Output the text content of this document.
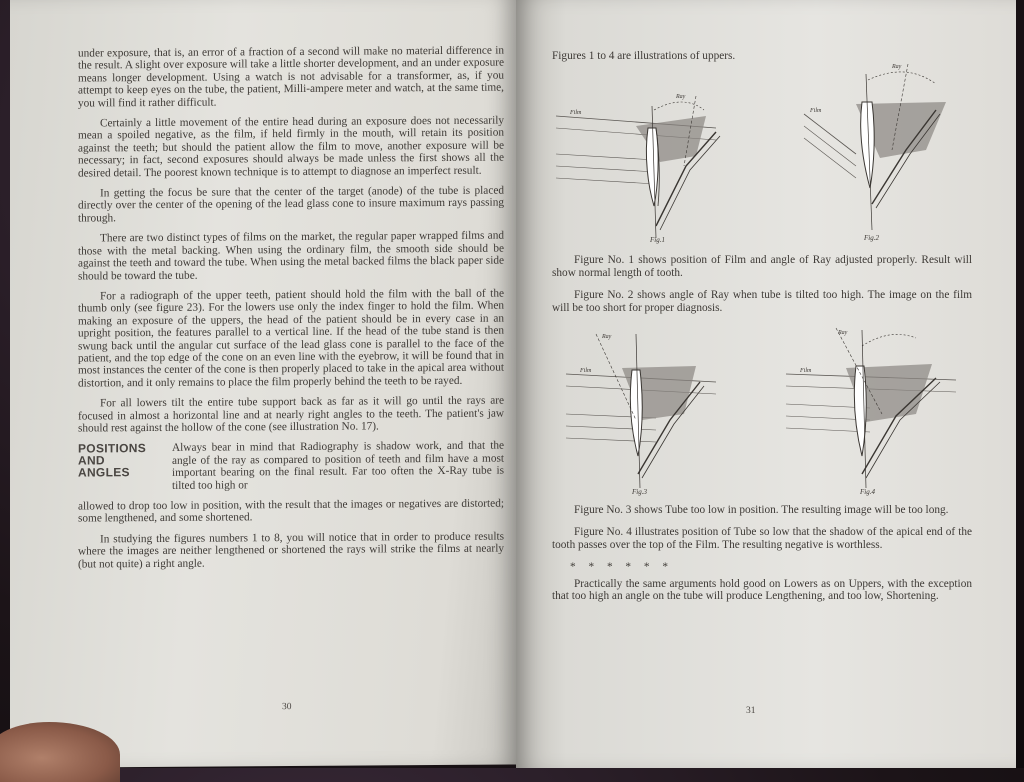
under exposure, that is, an error of a fraction of a second will make no material difference in the result. A slight over exposure will take a little shorter development, and an under exposure means longer development. Using a watch is not advisable for a transformer, as, if you attempt to keep eyes on the tube, the patient, Milli-ampere meter and watch, at the same time, you will find it rather difficult.

Certainly a little movement of the entire head during an exposure does not necessarily mean a spoiled negative, as the film, if held firmly in the mouth, will retain its position against the teeth; but should the patient allow the film to move, another exposure will be necessary; in fact, second exposures should always be made unless the first shows all the desired detail. The poorest known technique is to attempt to diagnose an imperfect result.

In getting the focus be sure that the center of the target (anode) of the tube is placed directly over the center of the opening of the lead glass cone to insure maximum rays passing through.

There are two distinct types of films on the market, the regular paper wrapped films and those with the metal backing. When using the ordinary film, the smooth side should be against the teeth and toward the tube. When using the metal backed films the black paper side should be toward the tube.

For a radiograph of the upper teeth, patient should hold the film with the ball of the thumb only (see figure 23). For the lowers use only the index finger to hold the film. When making an exposure of the uppers, the head of the patient should be in every case in an upright position, the features parallel to a vertical line. If the head of the tube stand is then swung back until the angular cut surface of the lead glass cone is parallel to the face of the patient, and the top edge of the cone on an even line with the eyebrow, it will be found that in most instances the center of the cone is then properly placed to take in the apical area without distortion, and it only remains to place the film properly behind the teeth to be rayed.

For all lowers tilt the entire tube support back as far as it will go until the rays are focused in almost a horizontal line and at nearly right angles to the teeth. The patient's jaw should rest against the hollow of the cone (see illustration No. 17).

POSITIONS
AND
ANGLES

Always bear in mind that Radiography is shadow work, and that the angle of the ray as compared to position of teeth and film have a most important bearing on the final result. Far too often the X-Ray tube is tilted too high or

allowed to drop too low in position, with the result that the images or negatives are distorted; some lengthened, and some shortened.

In studying the figures numbers 1 to 8, you will notice that in order to produce results where the images are neither lengthened or shortened the rays will strike the films at nearly (but not quite) a right angle.

30

Figures 1 to 4 are illustrations of uppers.

Film
Ray
Fig.1
Film
Ray
Fig.2

Figure No. 1 shows position of Film and angle of Ray adjusted properly. Result will show normal length of tooth.

Figure No. 2 shows angle of Ray when tube is tilted too high. The image on the film will be too short for proper diagnosis.

Film
Ray
Fig.3
Film
Ray
Fig.4

Figure No. 3 shows Tube too low in position. The resulting image will be too long.

Figure No. 4 illustrates position of Tube so low that the shadow of the apical end of the tooth passes over the top of the Film. The resulting negative is worthless.

* * * * * *

Practically the same arguments hold good on Lowers as on Uppers, with the exception that too high an angle on the tube will produce Lengthening, and too low, Shortening.

31
